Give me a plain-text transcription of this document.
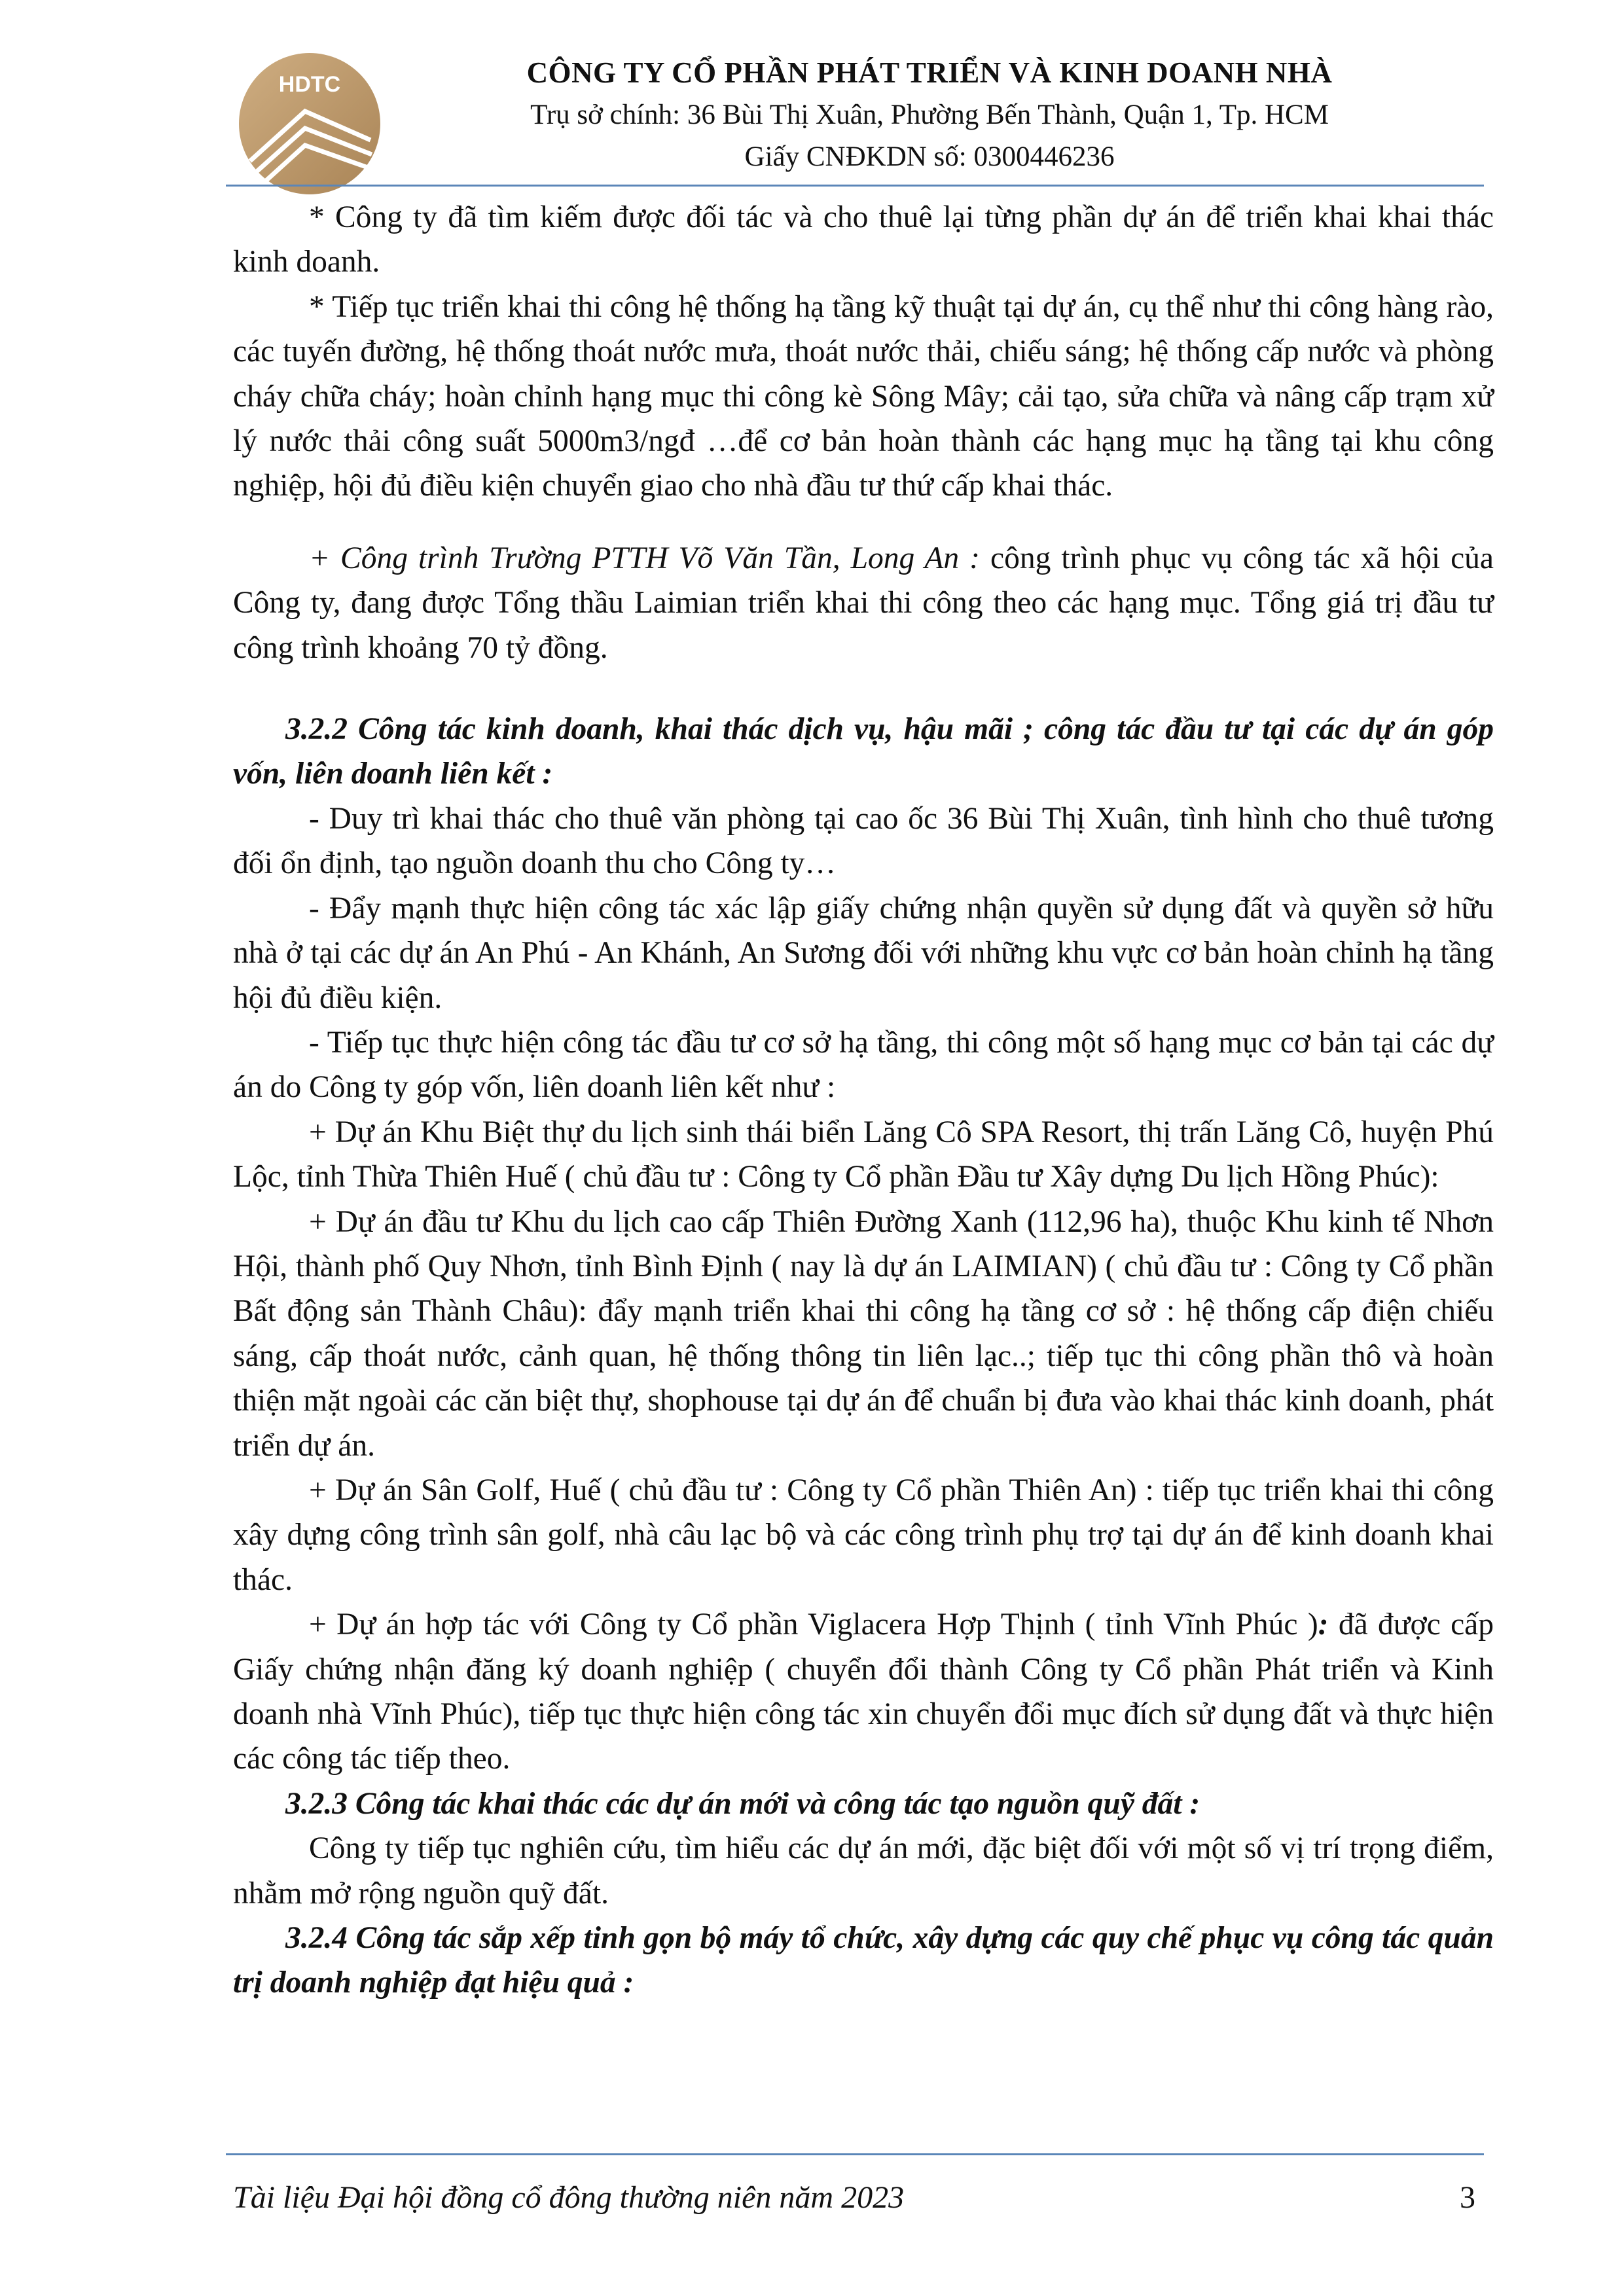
HDTC	CÔNG TY CỔ PHẦN PHÁT TRIỂN VÀ KINH DOANH NHÀ
Trụ sở chính: 36 Bùi Thị Xuân, Phường Bến Thành, Quận 1, Tp. HCM
Giấy CNĐKDN số: 0300446236

* Công ty đã tìm kiếm được đối tác và cho thuê lại từng phần dự án để triển khai khai thác kinh doanh.

* Tiếp tục triển khai thi công hệ thống hạ tầng kỹ thuật tại dự án, cụ thể như thi công hàng rào, các tuyến đường, hệ thống thoát nước mưa, thoát nước thải, chiếu sáng; hệ thống cấp nước và phòng cháy chữa cháy; hoàn chỉnh hạng mục thi công kè Sông Mây; cải tạo, sửa chữa và nâng cấp trạm xử lý nước thải công suất 5000m3/ngđ …để cơ bản hoàn thành các hạng mục hạ tầng tại khu công nghiệp, hội đủ điều kiện chuyển giao cho nhà đầu tư thứ cấp khai thác.

+ Công trình Trường PTTH Võ Văn Tần, Long An : công trình phục vụ công tác xã hội của Công ty, đang được Tổng thầu Laimian triển khai thi công theo các hạng mục. Tổng giá trị đầu tư công trình khoảng 70 tỷ đồng.

3.2.2 Công tác kinh doanh, khai thác dịch vụ, hậu mãi ; công tác đầu tư tại các dự án góp vốn, liên doanh liên kết :

- Duy trì khai thác cho thuê văn phòng tại cao ốc 36 Bùi Thị Xuân, tình hình cho thuê tương đối ổn định, tạo nguồn doanh thu cho Công ty…

- Đẩy mạnh thực hiện công tác xác lập giấy chứng nhận quyền sử dụng đất và quyền sở hữu nhà ở tại các dự án An Phú - An Khánh, An Sương đối với những khu vực cơ bản hoàn chỉnh hạ tầng hội đủ điều kiện.

- Tiếp tục thực hiện công tác đầu tư cơ sở hạ tầng, thi công một số hạng mục cơ bản tại các dự án do Công ty góp vốn, liên doanh liên kết như :

+ Dự án Khu Biệt thự du lịch sinh thái biển Lăng Cô SPA Resort, thị trấn Lăng Cô, huyện Phú Lộc, tỉnh Thừa Thiên Huế ( chủ đầu tư : Công ty Cổ phần Đầu tư Xây dựng Du lịch Hồng Phúc):

+ Dự án đầu tư Khu du lịch cao cấp Thiên Đường Xanh (112,96 ha), thuộc Khu kinh tế Nhơn Hội, thành phố Quy Nhơn, tỉnh Bình Định ( nay là dự án LAIMIAN) ( chủ đầu tư : Công ty Cổ phần Bất động sản Thành Châu): đẩy mạnh triển khai thi công hạ tầng cơ sở : hệ thống cấp điện chiếu sáng, cấp thoát nước, cảnh quan, hệ thống thông tin liên lạc..; tiếp tục thi công phần thô và hoàn thiện mặt ngoài các căn biệt thự, shophouse tại dự án để chuẩn bị đưa vào khai thác kinh doanh, phát triển dự án.

+ Dự án Sân Golf, Huế ( chủ đầu tư : Công ty Cổ phần Thiên An) : tiếp tục triển khai thi công xây dựng công trình sân golf, nhà câu lạc bộ và các công trình phụ trợ tại dự án để kinh doanh khai thác.

+ Dự án hợp tác với Công ty Cổ phần Viglacera Hợp Thịnh ( tỉnh Vĩnh Phúc ): đã được cấp Giấy chứng nhận đăng ký doanh nghiệp ( chuyển đổi thành Công ty Cổ phần Phát triển và Kinh doanh nhà Vĩnh Phúc), tiếp tục thực hiện công tác xin chuyển đổi mục đích sử dụng đất và thực hiện các công tác tiếp theo.

3.2.3 Công tác khai thác các dự án mới và công tác tạo nguồn quỹ đất :

Công ty tiếp tục nghiên cứu, tìm hiểu các dự án mới, đặc biệt đối với một số vị trí trọng điểm, nhằm mở rộng nguồn quỹ đất.

3.2.4 Công tác sắp xếp tinh gọn bộ máy tổ chức, xây dựng các quy chế phục vụ công tác quản trị doanh nghiệp đạt hiệu quả :

Tài liệu Đại hội đồng cổ đông thường niên năm 2023	3
